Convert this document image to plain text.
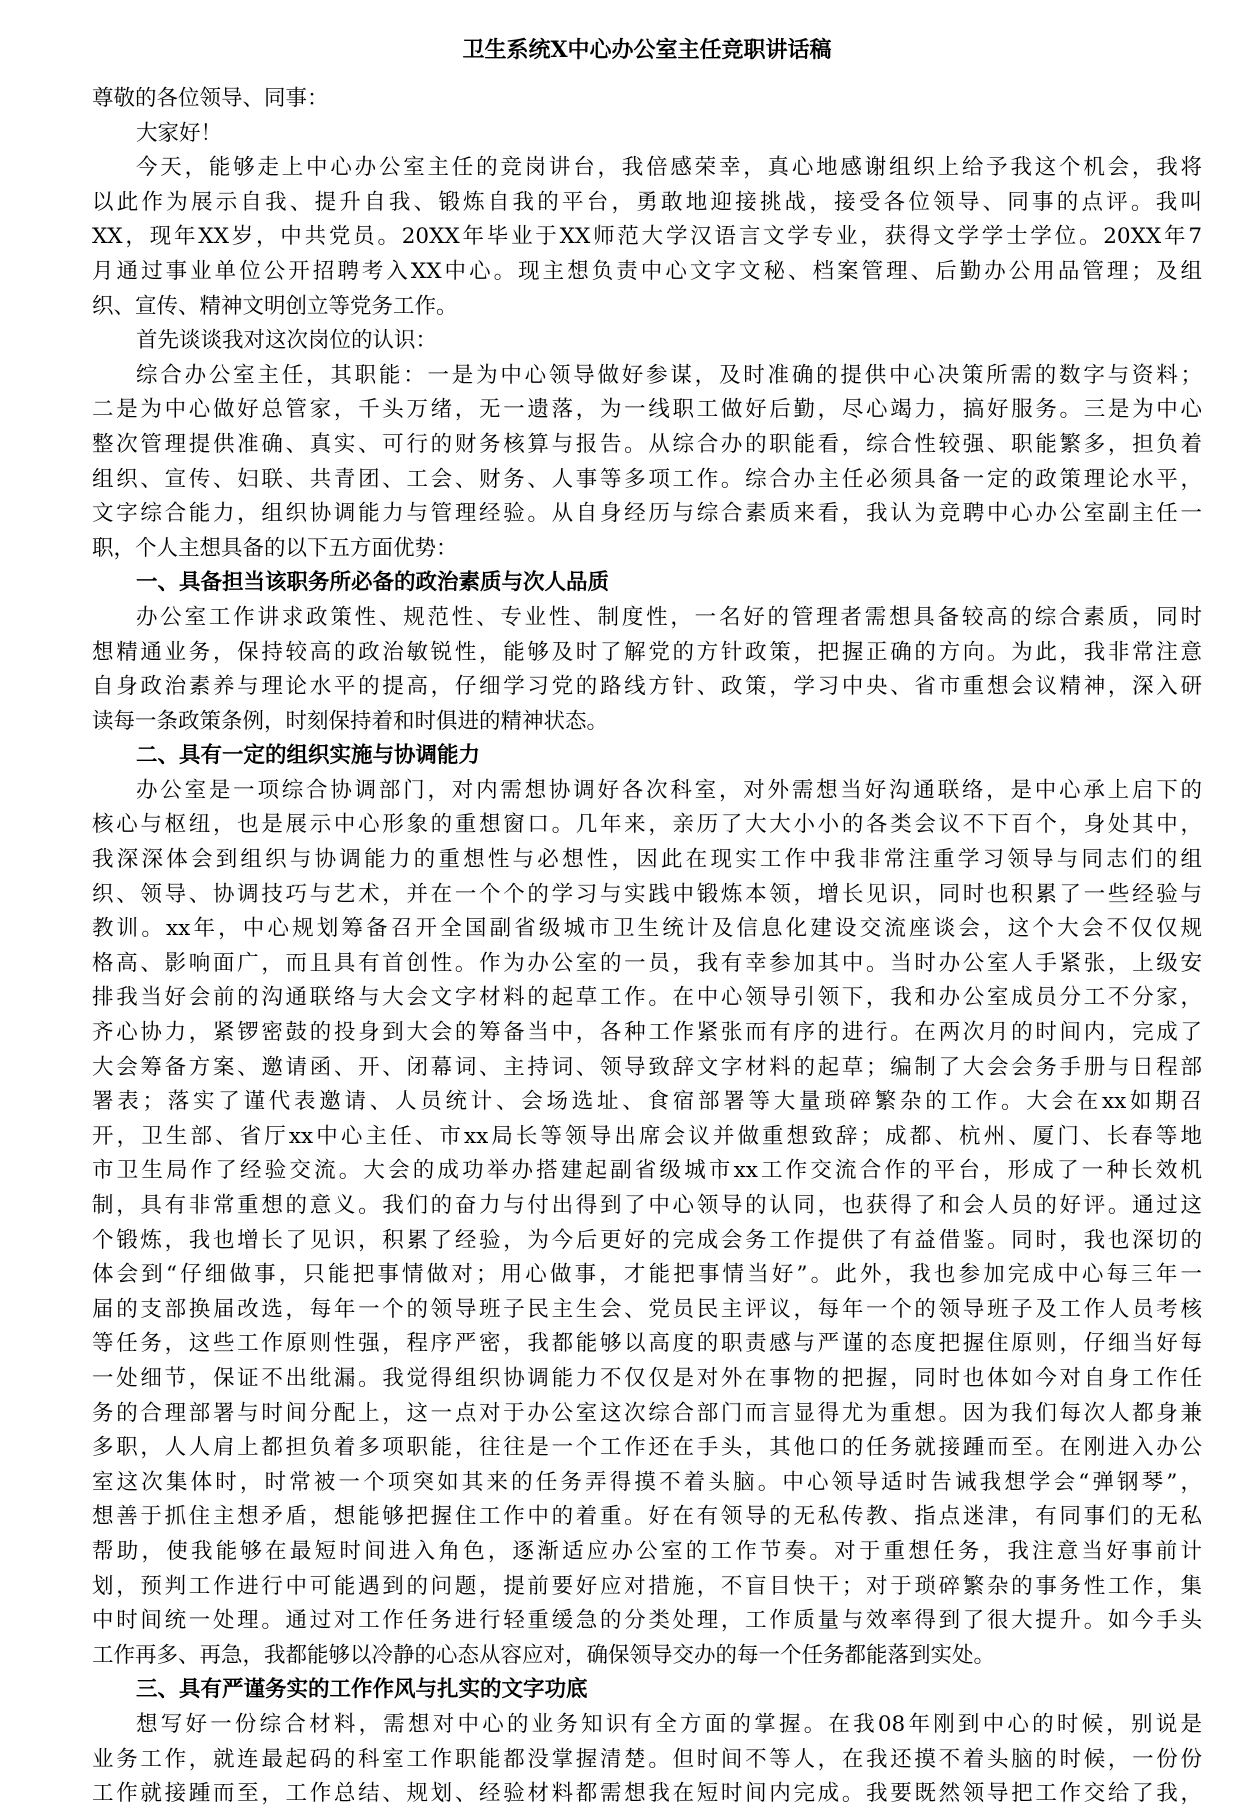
卫生系统X中心办公室主任竞职讲话稿

尊敬的各位领导、同事：

大家好！

今天，能够走上中心办公室主任的竞岗讲台，我倍感荣幸，真心地感谢组织上给予我这个机会，我将

以此作为展示自我、提升自我、锻炼自我的平台，勇敢地迎接挑战，接受各位领导、同事的点评。我叫

XX，现年XX岁，中共党员。20XX年毕业于XX师范大学汉语言文学专业，获得文学学士学位。20XX年7

月通过事业单位公开招聘考入XX中心。现主想负责中心文字文秘、档案管理、后勤办公用品管理；及组

织、宣传、精神文明创立等党务工作。

首先谈谈我对这次岗位的认识：

综合办公室主任，其职能：一是为中心领导做好参谋，及时准确的提供中心决策所需的数字与资料；

二是为中心做好总管家，千头万绪，无一遗落，为一线职工做好后勤，尽心竭力，搞好服务。三是为中心

整次管理提供准确、真实、可行的财务核算与报告。从综合办的职能看，综合性较强、职能繁多，担负着

组织、宣传、妇联、共青团、工会、财务、人事等多项工作。综合办主任必须具备一定的政策理论水平，

文字综合能力，组织协调能力与管理经验。从自身经历与综合素质来看，我认为竞聘中心办公室副主任一

职，个人主想具备的以下五方面优势：

一、具备担当该职务所必备的政治素质与次人品质

办公室工作讲求政策性、规范性、专业性、制度性，一名好的管理者需想具备较高的综合素质，同时

想精通业务，保持较高的政治敏锐性，能够及时了解党的方针政策，把握正确的方向。为此，我非常注意

自身政治素养与理论水平的提高，仔细学习党的路线方针、政策，学习中央、省市重想会议精神，深入研

读每一条政策条例，时刻保持着和时俱进的精神状态。

二、具有一定的组织实施与协调能力

办公室是一项综合协调部门，对内需想协调好各次科室，对外需想当好沟通联络，是中心承上启下的

核心与枢纽，也是展示中心形象的重想窗口。几年来，亲历了大大小小的各类会议不下百个，身处其中，

我深深体会到组织与协调能力的重想性与必想性，因此在现实工作中我非常注重学习领导与同志们的组

织、领导、协调技巧与艺术，并在一个个的学习与实践中锻炼本领，增长见识，同时也积累了一些经验与

教训。xx年，中心规划筹备召开全国副省级城市卫生统计及信息化建设交流座谈会，这个大会不仅仅规

格高、影响面广，而且具有首创性。作为办公室的一员，我有幸参加其中。当时办公室人手紧张，上级安

排我当好会前的沟通联络与大会文字材料的起草工作。在中心领导引领下，我和办公室成员分工不分家，

齐心协力，紧锣密鼓的投身到大会的筹备当中，各种工作紧张而有序的进行。在两次月的时间内，完成了

大会筹备方案、邀请函、开、闭幕词、主持词、领导致辞文字材料的起草；编制了大会会务手册与日程部

署表；落实了谨代表邀请、人员统计、会场选址、食宿部署等大量琐碎繁杂的工作。大会在xx如期召

开，卫生部、省厅xx中心主任、市xx局长等领导出席会议并做重想致辞；成都、杭州、厦门、长春等地

市卫生局作了经验交流。大会的成功举办搭建起副省级城市xx工作交流合作的平台，形成了一种长效机

制，具有非常重想的意义。我们的奋力与付出得到了中心领导的认同，也获得了和会人员的好评。通过这

个锻炼，我也增长了见识，积累了经验，为今后更好的完成会务工作提供了有益借鉴。同时，我也深切的

体会到“仔细做事，只能把事情做对；用心做事，才能把事情当好”。此外，我也参加完成中心每三年一

届的支部换届改选，每年一个的领导班子民主生会、党员民主评议，每年一个的领导班子及工作人员考核

等任务，这些工作原则性强，程序严密，我都能够以高度的职责感与严谨的态度把握住原则，仔细当好每

一处细节，保证不出纰漏。我觉得组织协调能力不仅仅是对外在事物的把握，同时也体如今对自身工作任

务的合理部署与时间分配上，这一点对于办公室这次综合部门而言显得尤为重想。因为我们每次人都身兼

多职，人人肩上都担负着多项职能，往往是一个工作还在手头，其他口的任务就接踵而至。在刚进入办公

室这次集体时，时常被一个项突如其来的任务弄得摸不着头脑。中心领导适时告诫我想学会“弹钢琴”，

想善于抓住主想矛盾，想能够把握住工作中的着重。好在有领导的无私传教、指点迷津，有同事们的无私

帮助，使我能够在最短时间进入角色，逐渐适应办公室的工作节奏。对于重想任务，我注意当好事前计

划，预判工作进行中可能遇到的问题，提前要好应对措施，不盲目快干；对于琐碎繁杂的事务性工作，集

中时间统一处理。通过对工作任务进行轻重缓急的分类处理，工作质量与效率得到了很大提升。如今手头

工作再多、再急，我都能够以冷静的心态从容应对，确保领导交办的每一个任务都能落到实处。

三、具有严谨务实的工作作风与扎实的文字功底

想写好一份综合材料，需想对中心的业务知识有全方面的掌握。在我08年刚到中心的时候，别说是

业务工作，就连最起码的科室工作职能都没掌握清楚。但时间不等人，在我还摸不着头脑的时候，一份份

工作就接踵而至，工作总结、规划、经验材料都需想我在短时间内完成。我要既然领导把工作交给了我，
